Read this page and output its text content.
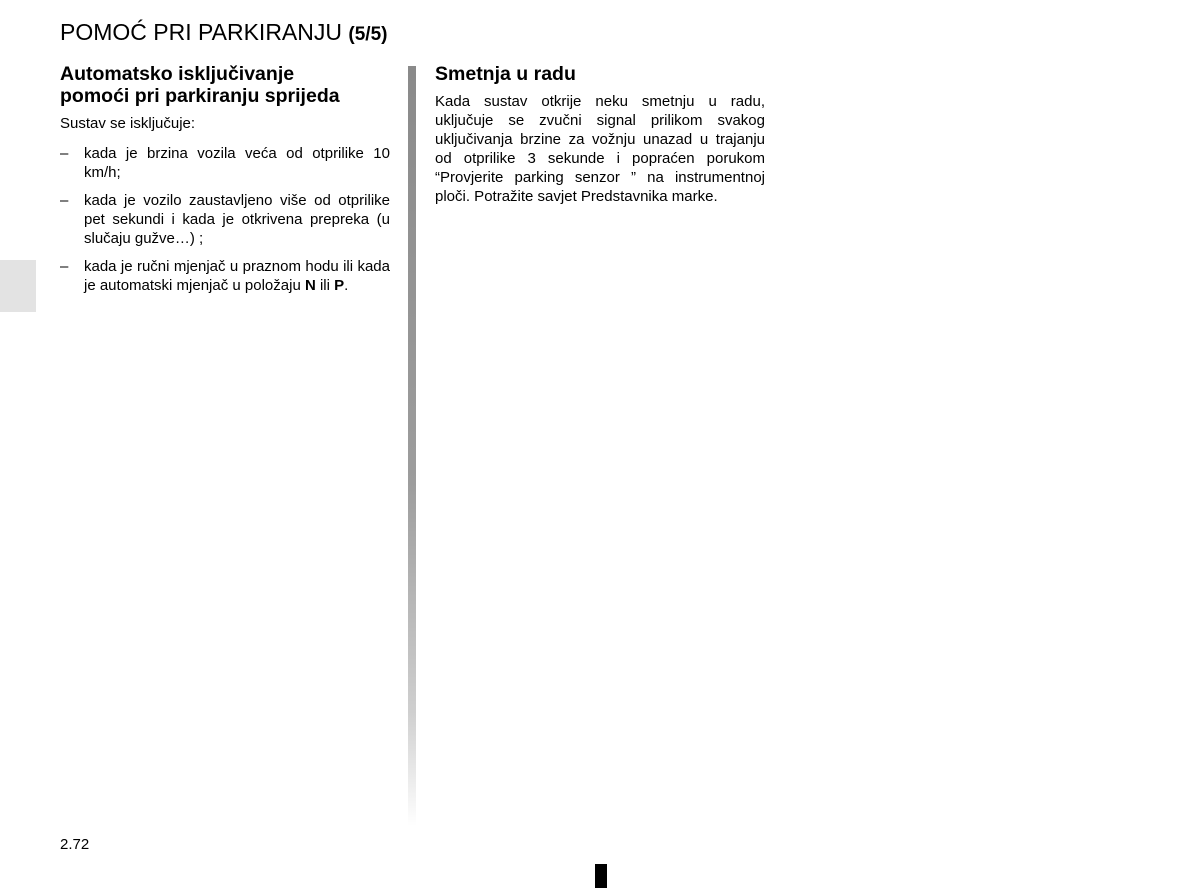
POMOĆ PRI PARKIRANJU (5/5)
Automatsko isključivanje
pomoći pri parkiranju sprijeda

Sustav se isključuje:

– kada je brzina vozila veća od otprilike 10 km/h;
– kada je vozilo zaustavljeno više od otprilike pet sekundi i kada je otkrivena prepreka (u slučaju gužve…) ;
– kada je ručni mjenjač u praznom hodu ili kada je automatski mjenjač u položaju N ili P.
Smetnja u radu

Kada sustav otkrije neku smetnju u radu, uključuje se zvučni signal prilikom svakog uključivanja brzine za vožnju unazad u trajanju od otprilike 3 sekunde i popraćen porukom “Provjerite parking senzor ” na instrumentnoj ploči. Potražite savjet Predstavnika marke.

2.72
